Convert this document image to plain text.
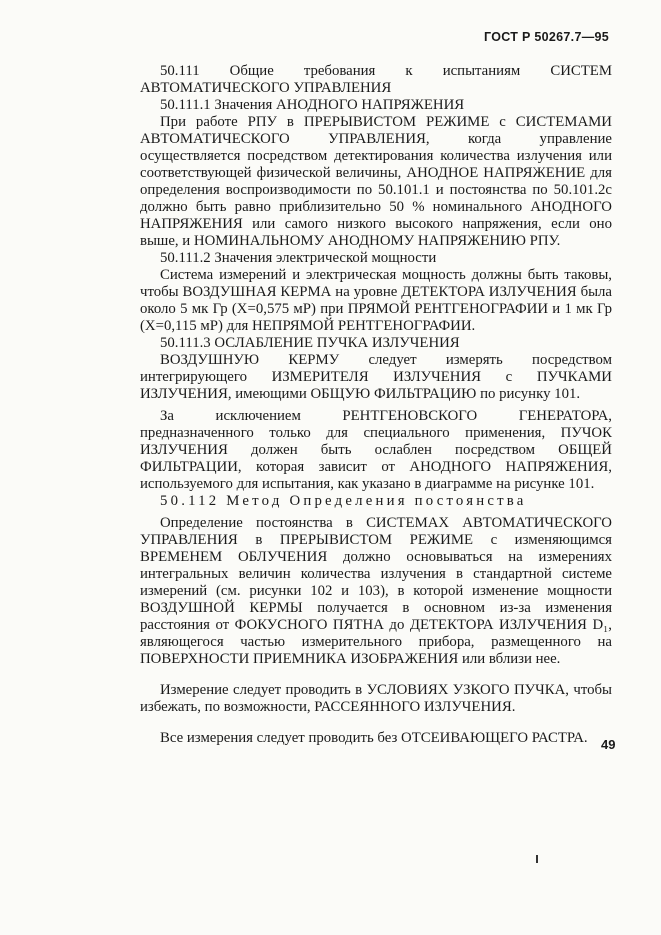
ГОСТ Р 50267.7—95

50.111 Общие требования к испытаниям СИСТЕМ АВТОМАТИЧЕСКОГО УПРАВЛЕНИЯ

50.111.1 Значения АНОДНОГО НАПРЯЖЕНИЯ

При работе РПУ в ПРЕРЫВИСТОМ РЕЖИМЕ с СИСТЕМАМИ АВТОМАТИЧЕСКОГО УПРАВЛЕНИЯ, когда управление осуществляется посредством детектирования количества излучения или соответствующей физической величины, АНОДНОЕ НАПРЯЖЕНИЕ для определения воспроизводимости по 50.101.1 и постоянства по 50.101.2с должно быть равно приблизительно 50 % номинального АНОДНОГО НАПРЯЖЕНИЯ или самого низкого высокого напряжения, если оно выше, и НОМИНАЛЬНОМУ АНОДНОМУ НАПРЯЖЕНИЮ РПУ.

50.111.2 Значения электрической мощности

Система измерений и электрическая мощность должны быть таковы, чтобы ВОЗДУШНАЯ КЕРМА на уровне ДЕТЕКТОРА ИЗЛУЧЕНИЯ была около 5 мк Гр (Х=0,575 мР) при ПРЯМОЙ РЕНТГЕНОГРАФИИ и 1 мк Гр (Х=0,115 мР) для НЕПРЯМОЙ РЕНТГЕНОГРАФИИ.

50.111.3 ОСЛАБЛЕНИЕ ПУЧКА ИЗЛУЧЕНИЯ

ВОЗДУШНУЮ КЕРМУ следует измерять посредством интегрирующего ИЗМЕРИТЕЛЯ ИЗЛУЧЕНИЯ с ПУЧКАМИ ИЗЛУЧЕНИЯ, имеющими ОБЩУЮ ФИЛЬТРАЦИЮ по рисунку 101.

За исключением РЕНТГЕНОВСКОГО ГЕНЕРАТОРА, предназначенного только для специального применения, ПУЧОК ИЗЛУЧЕНИЯ должен быть ослаблен посредством ОБЩЕЙ ФИЛЬТРАЦИИ, которая зависит от АНОДНОГО НАПРЯЖЕНИЯ, используемого для испытания, как указано в диаграмме на рисунке 101.

50.112 Метод Определения постоянства

Определение постоянства в СИСТЕМАХ АВТОМАТИЧЕСКОГО УПРАВЛЕНИЯ в ПРЕРЫВИСТОМ РЕЖИМЕ с изменяющимся ВРЕМЕНЕМ ОБЛУЧЕНИЯ должно основываться на измерениях интегральных величин количества излучения в стандартной системе измерений (см. рисунки 102 и 103), в которой изменение мощности ВОЗДУШНОЙ КЕРМЫ получается в основном из-за изменения расстояния от ФОКУСНОГО ПЯТНА до ДЕТЕКТОРА ИЗЛУЧЕНИЯ D₁, являющегося частью измерительного прибора, размещенного на ПОВЕРХНОСТИ ПРИЕМНИКА ИЗОБРАЖЕНИЯ или вблизи нее.

Измерение следует проводить в УСЛОВИЯХ УЗКОГО ПУЧКА, чтобы избежать, по возможности, РАССЕЯННОГО ИЗЛУЧЕНИЯ.

Все измерения следует проводить без ОТСЕИВАЮЩЕГО РАСТРА.	49
